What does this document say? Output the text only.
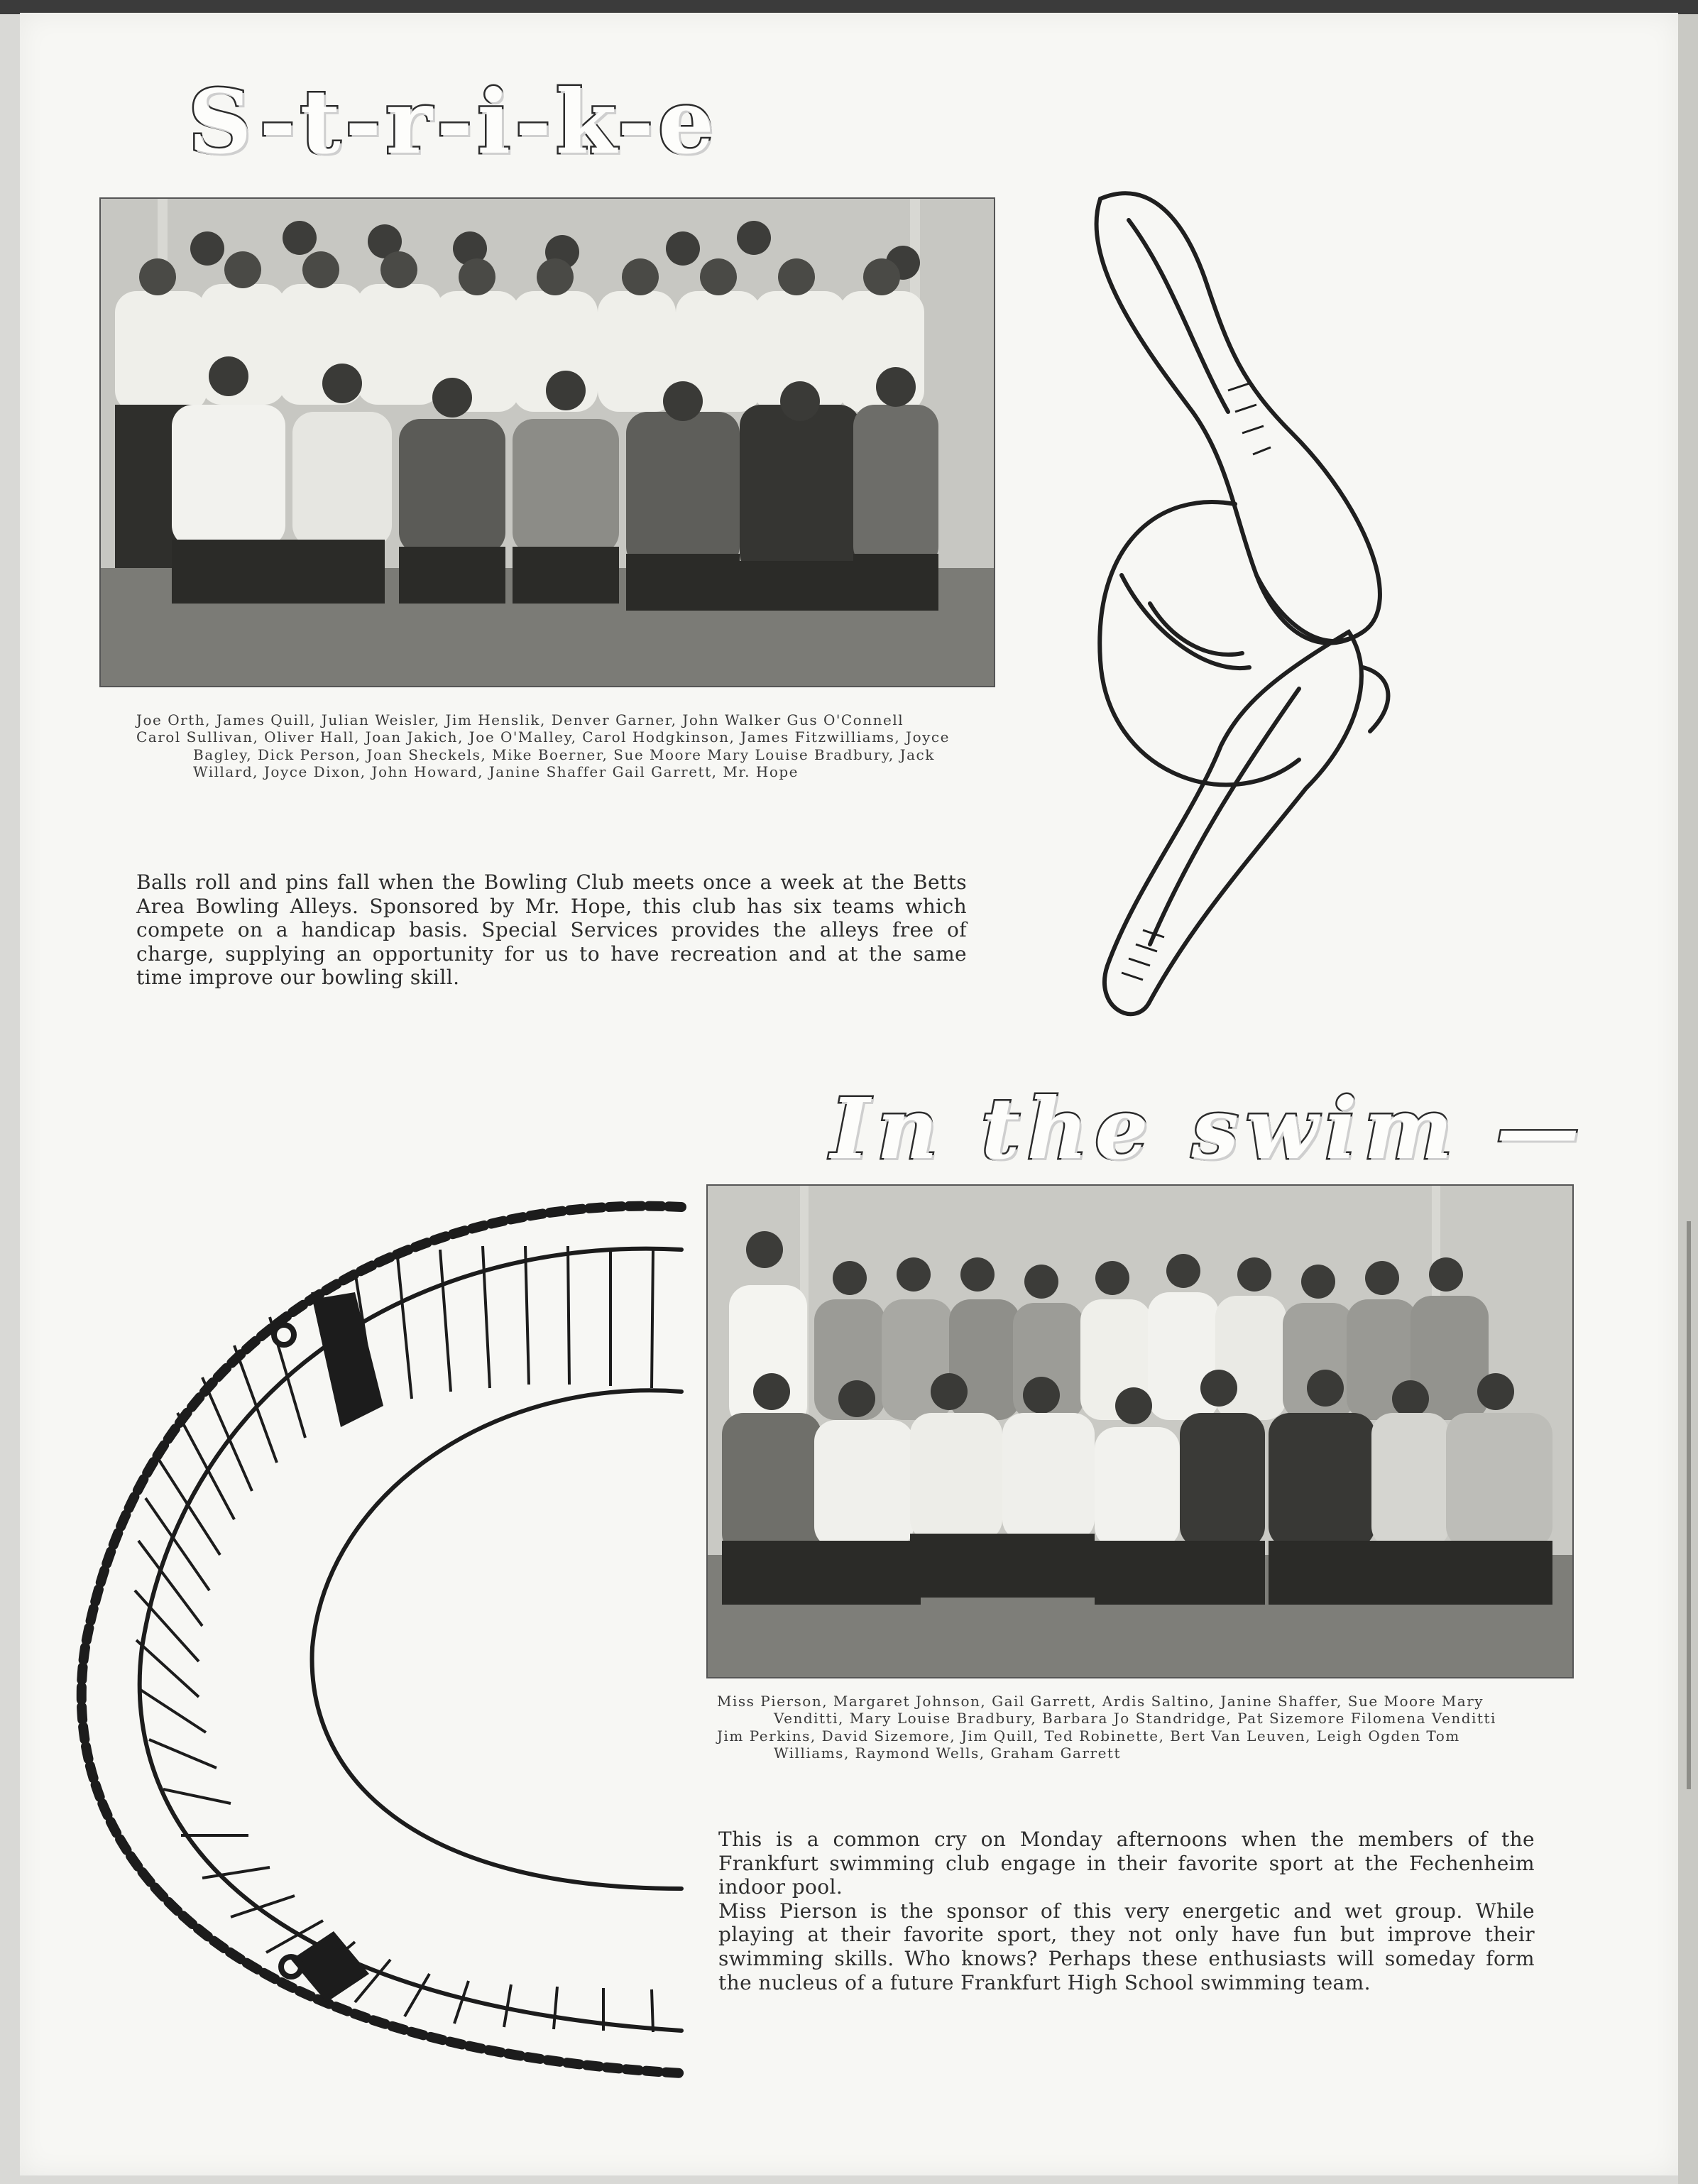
S-t-r-i-k-e

Joe Orth, James Quill, Julian Weisler, Jim Henslik, Denver Garner, John Walker Gus O'Connell

Carol Sullivan, Oliver Hall, Joan Jakich, Joe O'Malley, Carol Hodgkinson, James Fitzwilliams, Joyce Bagley, Dick Person, Joan Sheckels, Mike Boerner, Sue Moore Mary Louise Bradbury, Jack Willard, Joyce Dixon, John Howard, Janine Shaffer Gail Garrett, Mr. Hope

Balls roll and pins fall when the Bowling Club meets once a week at the Betts Area Bowling Alleys. Sponsored by Mr. Hope, this club has six teams which compete on a handicap basis. Special Services provides the alleys free of charge, supplying an opportunity for us to have recreation and at the same time improve our bowling skill.

In the swim —

Miss Pierson, Margaret Johnson, Gail Garrett, Ardis Saltino, Janine Shaffer, Sue Moore Mary Venditti, Mary Louise Bradbury, Barbara Jo Standridge, Pat Sizemore Filomena Venditti

Jim Perkins, David Sizemore, Jim Quill, Ted Robinette, Bert Van Leuven, Leigh Ogden Tom Williams, Raymond Wells, Graham Garrett

This is a common cry on Monday afternoons when the members of the Frankfurt swimming club engage in their favorite sport at the Fechenheim indoor pool.

Miss Pierson is the sponsor of this very energetic and wet group. While playing at their favorite sport, they not only have fun but improve their swimming skills. Who knows? Perhaps these enthusiasts will someday form the nucleus of a future Frankfurt High School swimming team.
